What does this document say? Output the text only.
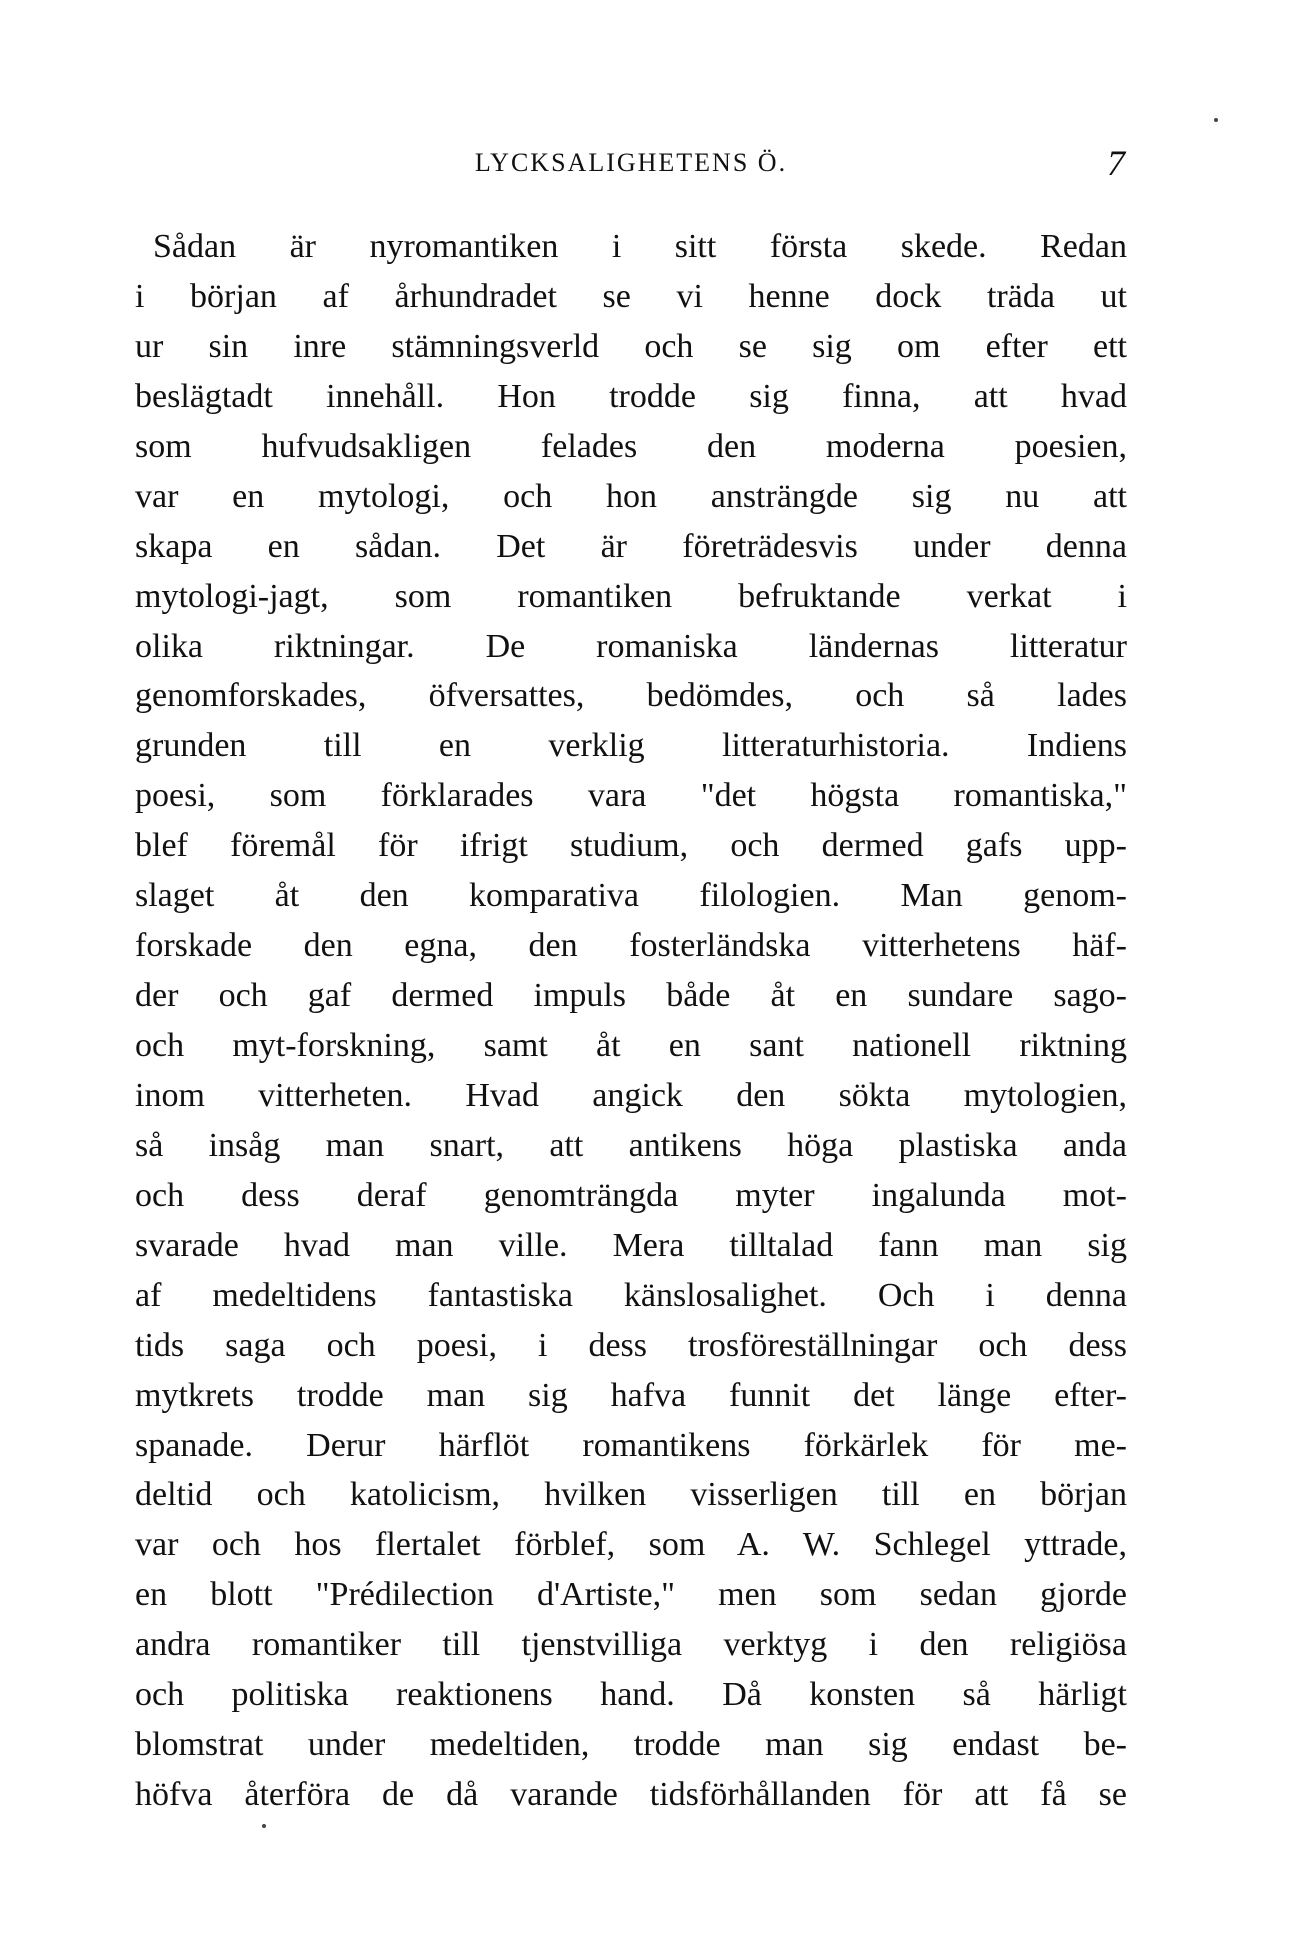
LYCKSALIGHETENS Ö.	7
Sådan är nyromantiken i sitt första skede. Redan
i början af århundradet se vi henne dock träda ut
ur sin inre stämningsverld och se sig om efter ett
beslägtadt innehåll. Hon trodde sig finna, att hvad
som hufvudsakligen felades den moderna poesien,
var en mytologi, och hon ansträngde sig nu att
skapa en sådan. Det är företrädesvis under denna
mytologi-jagt, som romantiken befruktande verkat i
olika riktningar. De romaniska ländernas litteratur
genomforskades, öfversattes, bedömdes, och så lades
grunden till en verklig litteraturhistoria. Indiens
poesi, som förklarades vara "det högsta romantiska,"
blef föremål för ifrigt studium, och dermed gafs upp-
slaget åt den komparativa filologien. Man genom-
forskade den egna, den fosterländska vitterhetens häf-
der och gaf dermed impuls både åt en sundare sago-
och myt-forskning, samt åt en sant nationell riktning
inom vitterheten. Hvad angick den sökta mytologien,
så insåg man snart, att antikens höga plastiska anda
och dess deraf genomträngda myter ingalunda mot-
svarade hvad man ville. Mera tilltalad fann man sig
af medeltidens fantastiska känslosalighet. Och i denna
tids saga och poesi, i dess trosföreställningar och dess
mytkrets trodde man sig hafva funnit det länge efter-
spanade. Derur härflöt romantikens förkärlek för me-
deltid och katolicism, hvilken visserligen till en början
var och hos flertalet förblef, som A. W. Schlegel yttrade,
en blott "Prédilection d'Artiste," men som sedan gjorde
andra romantiker till tjenstvilliga verktyg i den religiösa
och politiska reaktionens hand. Då konsten så härligt
blomstrat under medeltiden, trodde man sig endast be-
höfva återföra de då varande tidsförhållanden för att få se
